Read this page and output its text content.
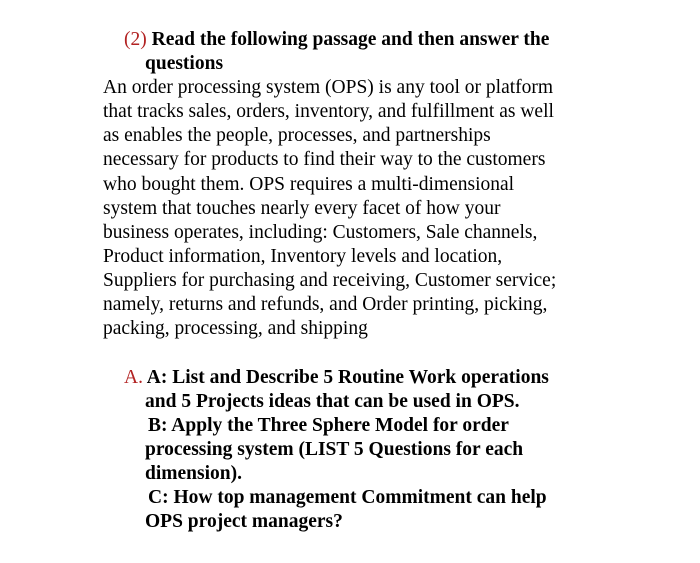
(2) Read the following passage and then answer the
questions
An order processing system (OPS) is any tool or platform
that tracks sales, orders, inventory, and fulfillment as well
as enables the people, processes, and partnerships
necessary for products to find their way to the customers
who bought them. OPS requires a multi-dimensional
system that touches nearly every facet of how your
business operates, including: Customers, Sale channels,
Product information, Inventory levels and location,
Suppliers for purchasing and receiving, Customer service;
namely, returns and refunds, and Order printing, picking,
packing, processing, and shipping
A. A: List and Describe 5 Routine Work operations
and 5 Projects ideas that can be used in OPS.
B: Apply the Three Sphere Model for order
processing system (LIST 5 Questions for each
dimension).
C: How top management Commitment can help
OPS project managers?
